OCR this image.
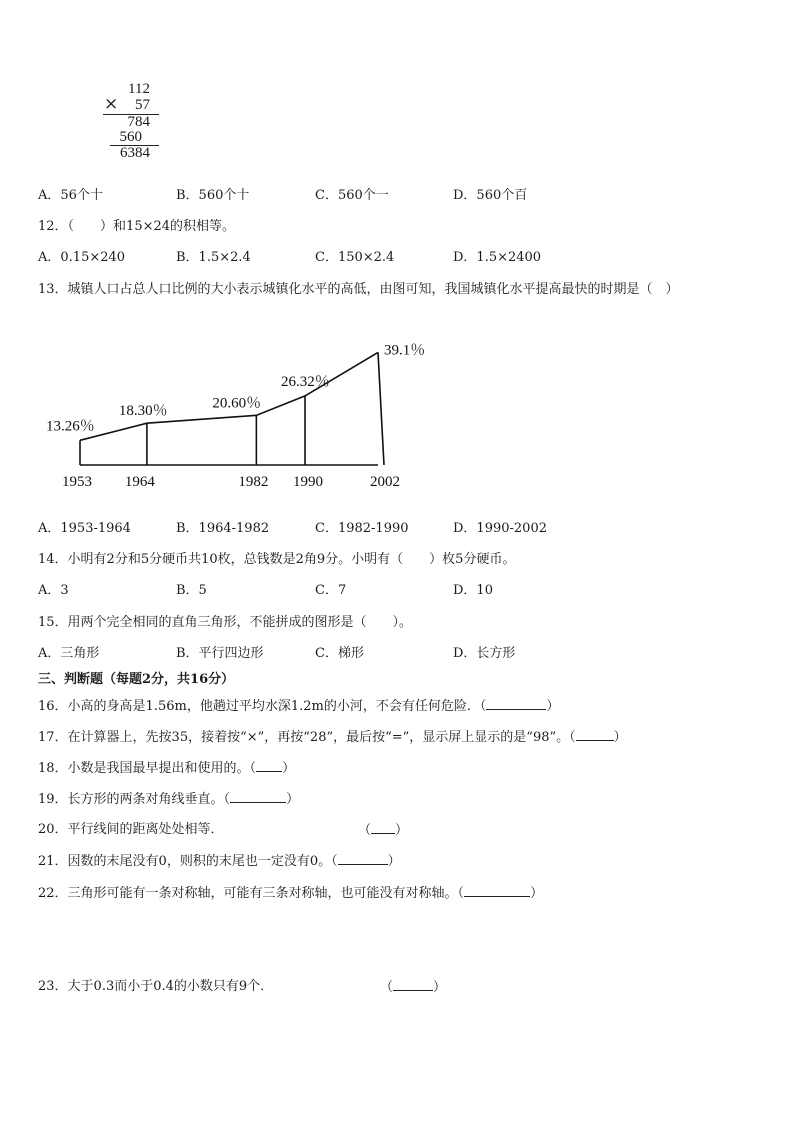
112
×	57
784
560
6384
A．56个十	B．560个十	C．560个一	D．560个百
12．（　　）和15×24的积相等。
A．0.15×240	B．1.5×2.4	C．150×2.4	D．1.5×2400
13．城镇人口占总人口比例的大小表示城镇化水平的高低，由图可知，我国城镇化水平提高最快的时期是（　）
13.26％
18.30％	20.60％
26.32％
39.1％
1953 1964	1982 1990	2002
A．1953-1964	B．1964-1982	C．1982-1990	D．1990-2002
14．小明有2分和5分硬币共10枚，总钱数是2角9分。小明有（　　）枚5分硬币。
A．3	B．5	C．7	D．10
15．用两个完全相同的直角三角形，不能拼成的图形是（　　）。
A．三角形	B．平行四边形	C．梯形	D．长方形
三、判断题（每题2分，共16分）
16．小高的身高是1.56m，他趟过平均水深1.2m的小河，不会有任何危险．（	）
17．在计算器上，先按35，接着按“×”，再按“28”，最后按“=”，显示屏上显示的是“98”。（	）
18．小数是我国最早提出和使用的。（ ）
19．长方形的两条对角线垂直。（	）
20．平行线间的距离处处相等．	（ ）
21．因数的末尾没有0，则积的末尾也一定没有0。（	）
22．三角形可能有一条对称轴，可能有三条对称轴，也可能没有对称轴。（	）
23．大于0.3而小于0.4的小数只有9个．	（	）
